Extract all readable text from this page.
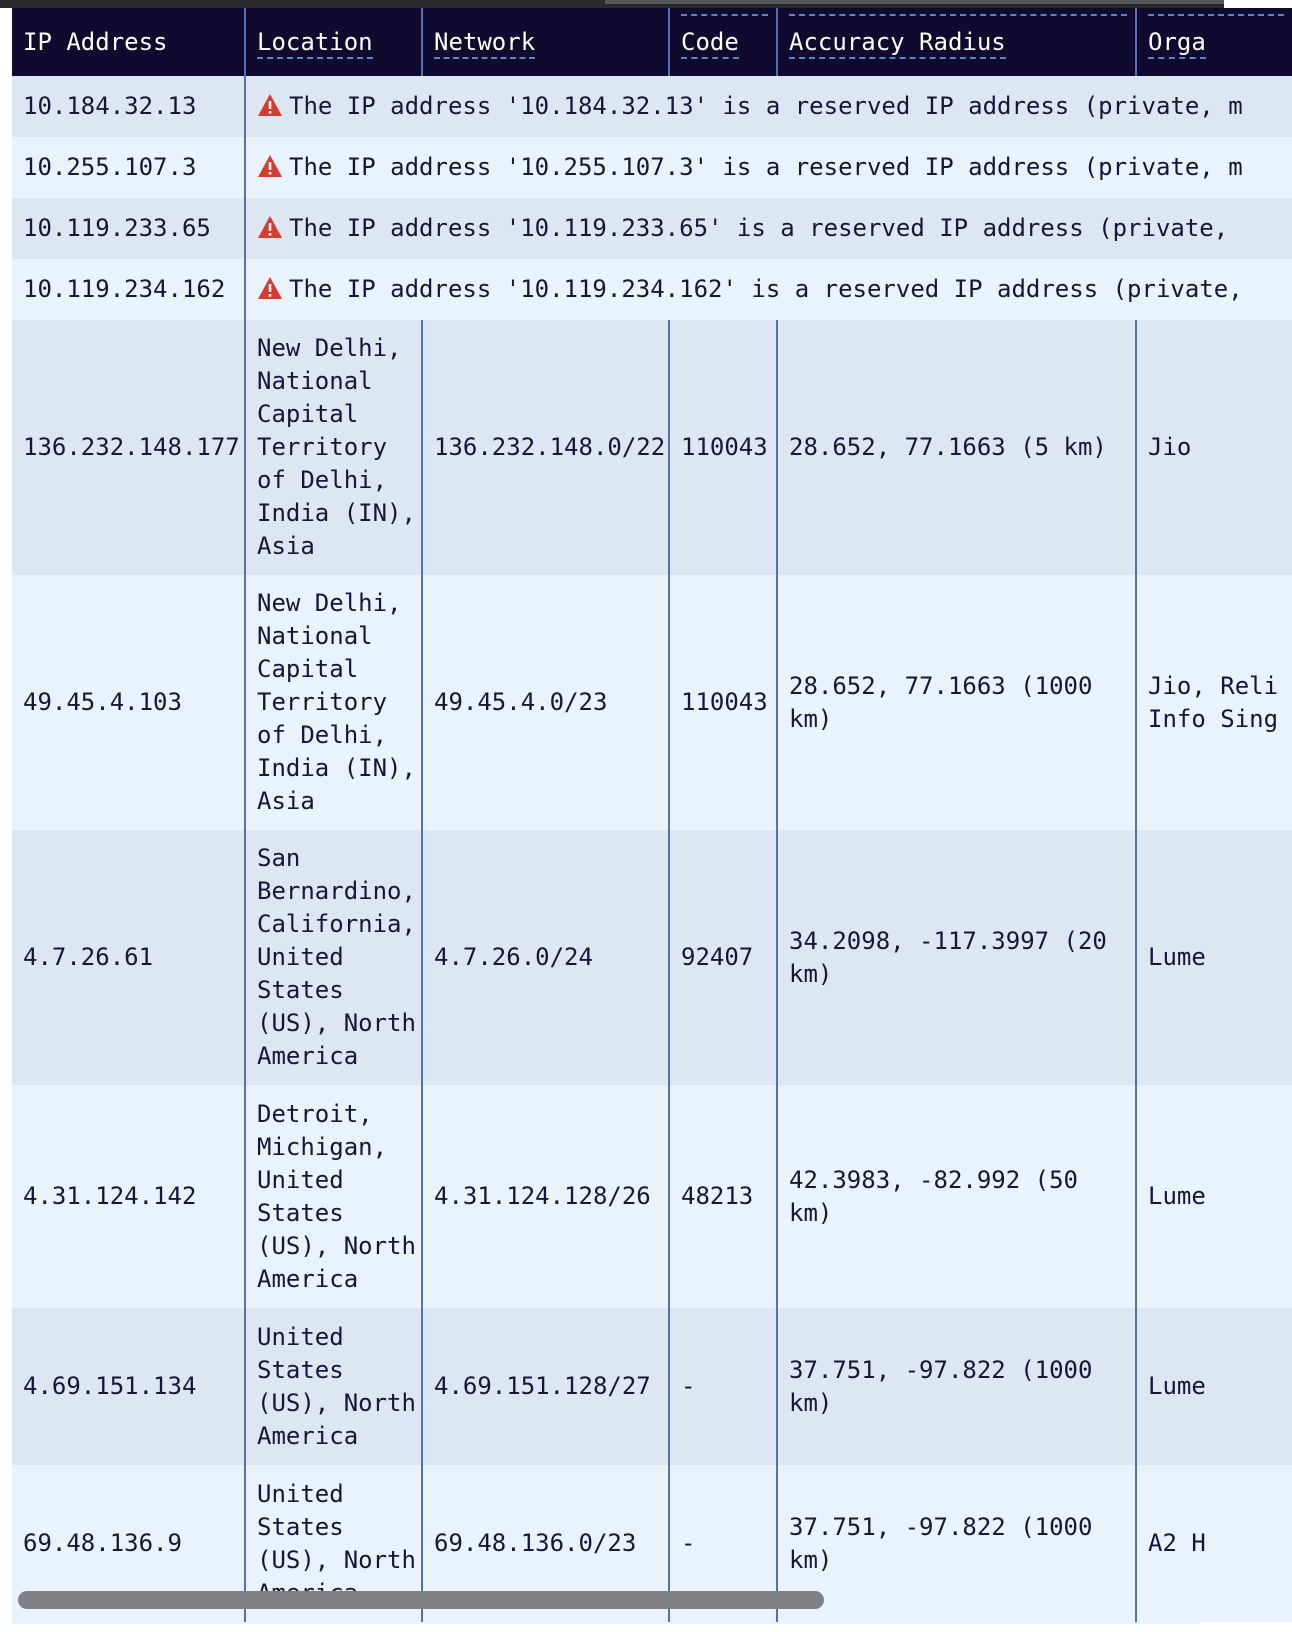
IP Address	Location	Network	Code	Accuracy Radius	Orga
10.184.32.13	The IP address '10.184.32.13' is a reserved IP address (private, m				
10.255.107.3	The IP address '10.255.107.3' is a reserved IP address (private, m				
10.119.233.65	The IP address '10.119.233.65' is a reserved IP address (private,				
10.119.234.162	The IP address '10.119.234.162' is a reserved IP address (private,				
136.232.148.177	New Delhi, National Capital Territory of Delhi, India (IN), Asia	136.232.148.0/22	110043	28.652, 77.1663 (5 km)	Jio
49.45.4.103	New Delhi, National Capital Territory of Delhi, India (IN), Asia	49.45.4.0/23	110043	28.652, 77.1663 (1000 km)	Jio, Reli Info Sing
4.7.26.61	San Bernardino, California, United States (US), North America	4.7.26.0/24	92407	34.2098, -117.3997 (20 km)	Lume
4.31.124.142	Detroit, Michigan, United States (US), North America	4.31.124.128/26	48213	42.3983, -82.992 (50 km)	Lume
4.69.151.134	United States (US), North America	4.69.151.128/27	-	37.751, -97.822 (1000 km)	Lume
69.48.136.9	United States (US), North	69.48.136.0/23	-	37.751, -97.822 (1000 km)	A2 H
